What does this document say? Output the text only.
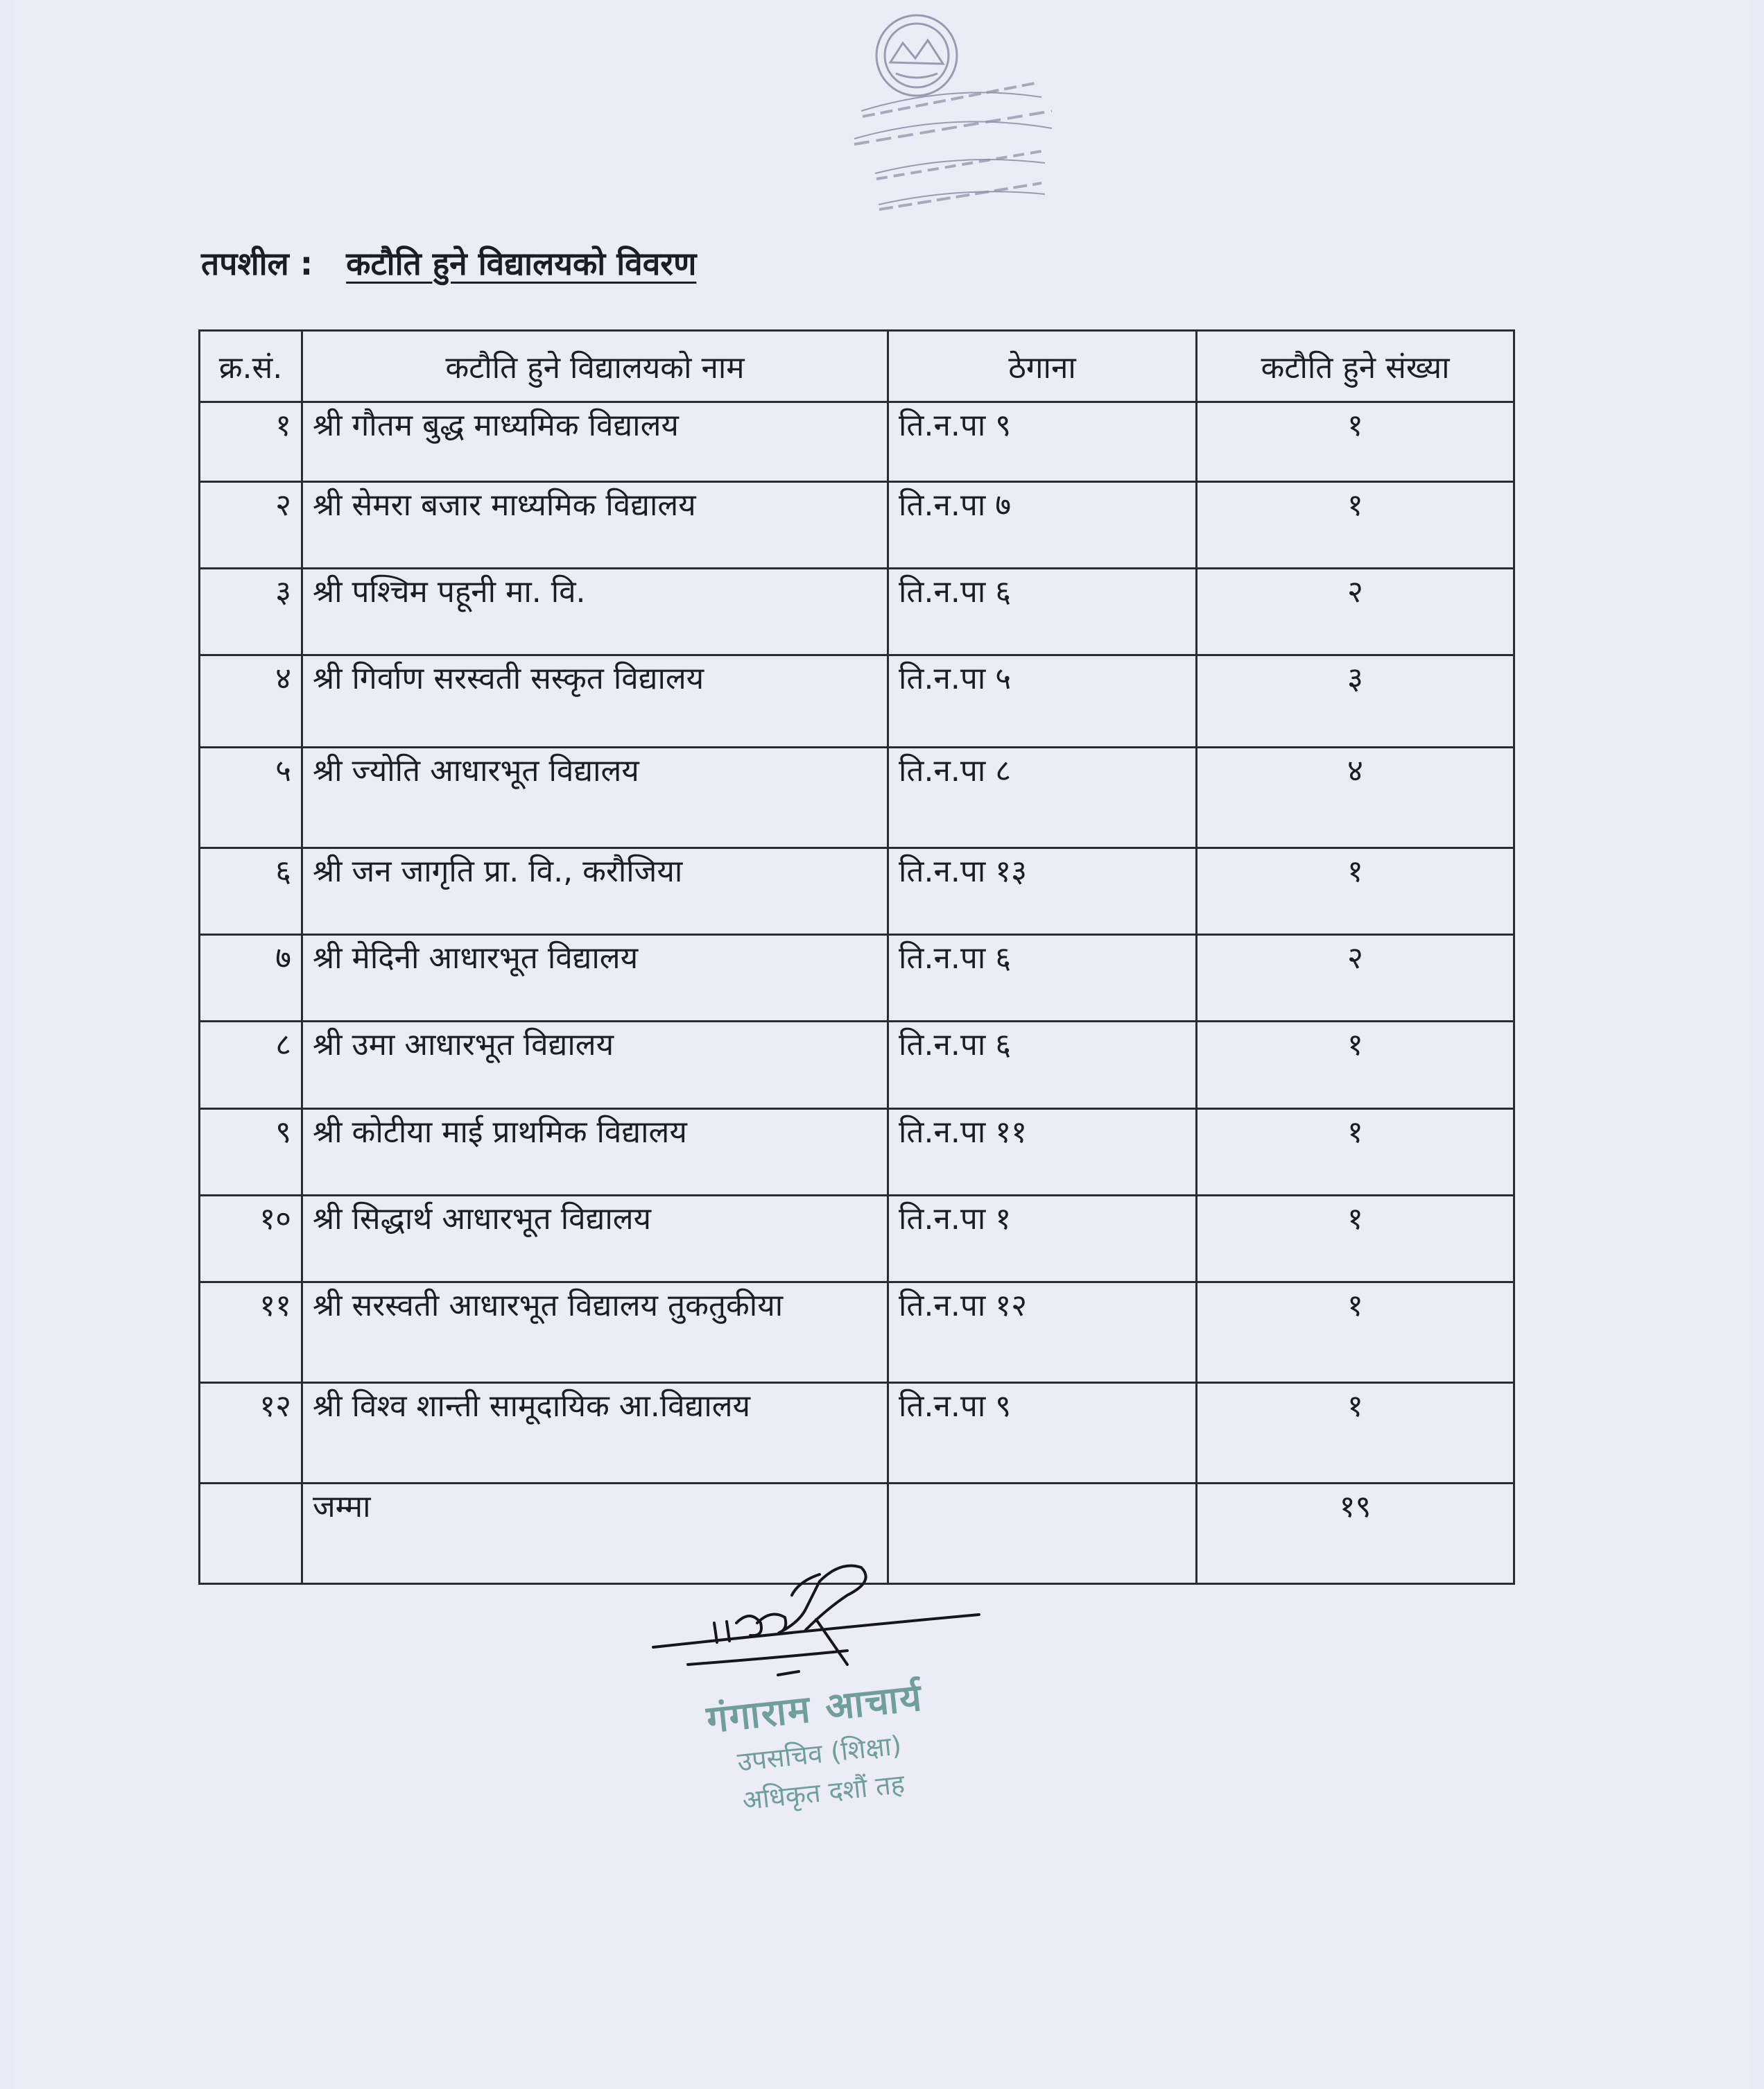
तपशील : कटौति हुने विद्यालयको विवरण
क्र.सं.	कटौति हुने विद्यालयको नाम	ठेगाना	कटौति हुने संख्या
१	श्री गौतम बुद्ध माध्यमिक विद्यालय	ति.न.पा ९	१
२	श्री सेमरा बजार माध्यमिक विद्यालय	ति.न.पा ७	१
३	श्री पश्चिम पहूनी मा. वि.	ति.न.पा ६	२
४	श्री गिर्वाण सरस्वती सस्कृत विद्यालय	ति.न.पा ५	३
५	श्री ज्योति आधारभूत विद्यालय	ति.न.पा ८	४
६	श्री जन जागृति प्रा. वि., करौजिया	ति.न.पा १३	१
७	श्री मेदिनी आधारभूत विद्यालय	ति.न.पा ६	२
८	श्री उमा आधारभूत विद्यालय	ति.न.पा ६	१
९	श्री कोटीया माई प्राथमिक विद्यालय	ति.न.पा ११	१
१०	श्री सिद्धार्थ आधारभूत विद्यालय	ति.न.पा १	१
११	श्री सरस्वती आधारभूत विद्यालय तुकतुकीया	ति.न.पा १२	१
१२	श्री विश्व शान्ती सामूदायिक आ.विद्यालय	ति.न.पा ९	१
	जम्मा		१९
गंगाराम आचार्य
उपसचिव (शिक्षा)
अधिकृत दशौं तह
